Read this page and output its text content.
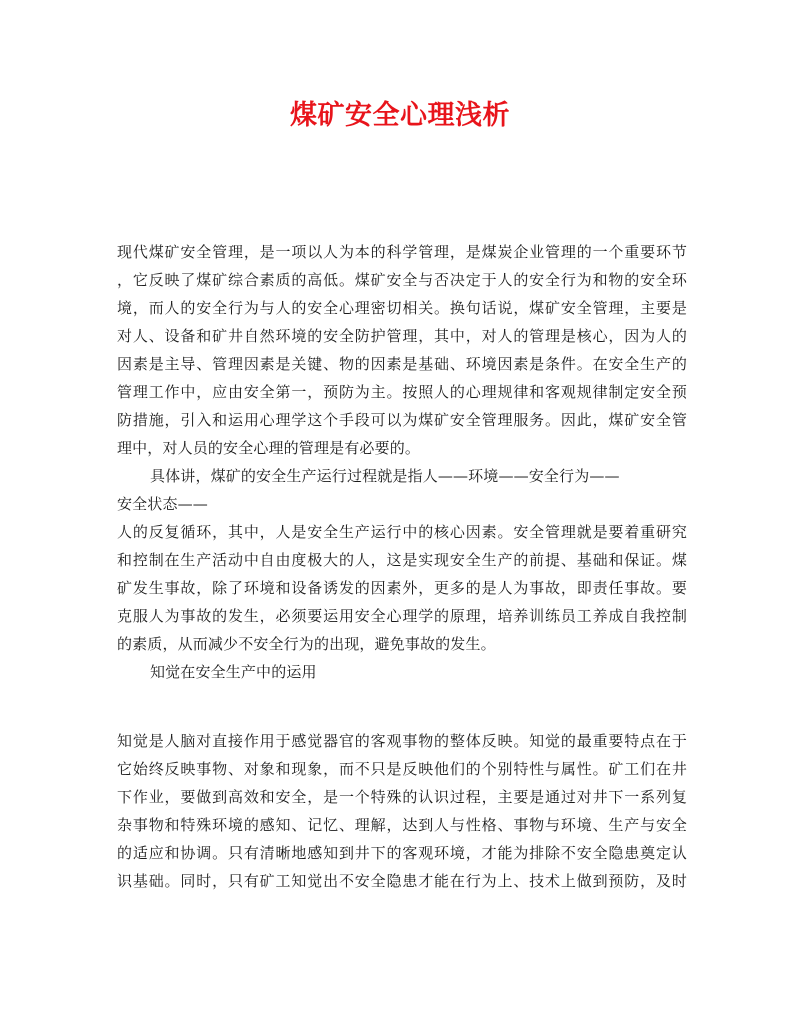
煤矿安全心理浅析
现代煤矿安全管理，是一项以人为本的科学管理，是煤炭企业管理的一个重要环节
，它反映了煤矿综合素质的高低。煤矿安全与否决定于人的安全行为和物的安全环
境，而人的安全行为与人的安全心理密切相关。换句话说，煤矿安全管理，主要是
对人、设备和矿井自然环境的安全防护管理，其中，对人的管理是核心，因为人的
因素是主导、管理因素是关键、物的因素是基础、环境因素是条件。在安全生产的
管理工作中，应由安全第一，预防为主。按照人的心理规律和客观规律制定安全预
防措施，引入和运用心理学这个手段可以为煤矿安全管理服务。因此，煤矿安全管
理中，对人员的安全心理的管理是有必要的。
具体讲，煤矿的安全生产运行过程就是指人——环境——安全行为——
安全状态——
人的反复循环，其中，人是安全生产运行中的核心因素。安全管理就是要着重研究
和控制在生产活动中自由度极大的人，这是实现安全生产的前提、基础和保证。煤
矿发生事故，除了环境和设备诱发的因素外，更多的是人为事故，即责任事故。要
克服人为事故的发生，必须要运用安全心理学的原理，培养训练员工养成自我控制
的素质，从而减少不安全行为的出现，避免事故的发生。
知觉在安全生产中的运用
知觉是人脑对直接作用于感觉器官的客观事物的整体反映。知觉的最重要特点在于
它始终反映事物、对象和现象，而不只是反映他们的个别特性与属性。矿工们在井
下作业，要做到高效和安全，是一个特殊的认识过程，主要是通过对井下一系列复
杂事物和特殊环境的感知、记忆、理解，达到人与性格、事物与环境、生产与安全
的适应和协调。只有清晰地感知到井下的客观环境，才能为排除不安全隐患奠定认
识基础。同时，只有矿工知觉出不安全隐患才能在行为上、技术上做到预防，及时
